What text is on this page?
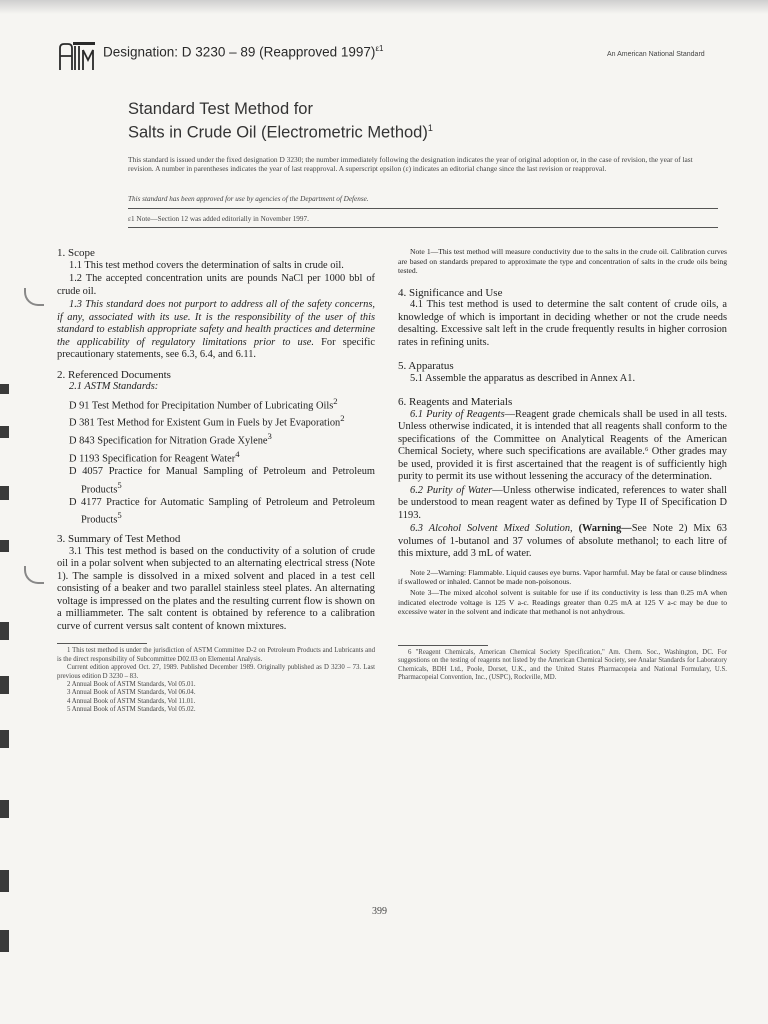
Designation: D 3230 – 89 (Reapproved 1997)$^{\varepsilon 1}$
An American National Standard
Standard Test Method for
Salts in Crude Oil (Electrometric Method)$^1$
This standard is issued under the fixed designation D 3230; the number immediately following the designation indicates the year of original adoption or, in the case of revision, the year of last revision. A number in parentheses indicates the year of last reapproval. A superscript epsilon (ε) indicates an editorial change since the last revision or reapproval.
This standard has been approved for use by agencies of the Department of Defense.
ε1 Note—Section 12 was added editorially in November 1997.

1. Scope

1.1 This test method covers the determination of salts in crude oil.

1.2 The accepted concentration units are pounds NaCl per 1000 bbl of crude oil.

1.3 This standard does not purport to address all of the safety concerns, if any, associated with its use. It is the responsibility of the user of this standard to establish appropriate safety and health practices and determine the applicability of regulatory limitations prior to use. For specific precautionary statements, see 6.3, 6.4, and 6.11.

2. Referenced Documents

2.1 ASTM Standards:

D 91 Test Method for Precipitation Number of Lubricating Oils$^2$

D 381 Test Method for Existent Gum in Fuels by Jet Evaporation$^2$

D 843 Specification for Nitration Grade Xylene$^3$

D 1193 Specification for Reagent Water$^4$

D 4057 Practice for Manual Sampling of Petroleum and Petroleum Products$^5$

D 4177 Practice for Automatic Sampling of Petroleum and Petroleum Products$^5$

3. Summary of Test Method

3.1 This test method is based on the conductivity of a solution of crude oil in a polar solvent when subjected to an alternating electrical stress (Note 1). The sample is dissolved in a mixed solvent and placed in a test cell consisting of a beaker and two parallel stainless steel plates. An alternating voltage is impressed on the plates and the resulting current flow is shown on a milliammeter. The salt content is obtained by reference to a calibration curve of current versus salt content of known mixtures.

1 This test method is under the jurisdiction of ASTM Committee D-2 on Petroleum Products and Lubricants and is the direct responsibility of Subcommittee D02.03 on Elemental Analysis.

Current edition approved Oct. 27, 1989. Published December 1989. Originally published as D 3230 – 73. Last previous edition D 3230 – 83.

2 Annual Book of ASTM Standards, Vol 05.01.

3 Annual Book of ASTM Standards, Vol 06.04.

4 Annual Book of ASTM Standards, Vol 11.01.

5 Annual Book of ASTM Standards, Vol 05.02.

Note 1—This test method will measure conductivity due to the salts in the crude oil. Calibration curves are based on standards prepared to approximate the type and concentration of salts in the crude oils being tested.

4. Significance and Use

4.1 This test method is used to determine the salt content of crude oils, a knowledge of which is important in deciding whether or not the crude needs desalting. Excessive salt left in the crude frequently results in higher corrosion rates in refining units.

5. Apparatus

5.1 Assemble the apparatus as described in Annex A1.

6. Reagents and Materials

6.1 Purity of Reagents—Reagent grade chemicals shall be used in all tests. Unless otherwise indicated, it is intended that all reagents shall conform to the specifications of the Committee on Analytical Reagents of the American Chemical Society, where such specifications are available.⁶ Other grades may be used, provided it is first ascertained that the reagent is of sufficiently high purity to permit its use without lessening the accuracy of the determination.

6.2 Purity of Water—Unless otherwise indicated, references to water shall be understood to mean reagent water as defined by Type II of Specification D 1193.

6.3 Alcohol Solvent Mixed Solution, (Warning—See Note 2) Mix 63 volumes of 1-butanol and 37 volumes of absolute methanol; to each litre of this mixture, add 3 mL of water.

Note 2—Warning: Flammable. Liquid causes eye burns. Vapor harmful. May be fatal or cause blindness if swallowed or inhaled. Cannot be made non-poisonous.

Note 3—The mixed alcohol solvent is suitable for use if its conductivity is less than 0.25 mA when indicated electrode voltage is 125 V a-c. Readings greater than 0.25 mA at 125 V a-c may be due to excessive water in the solvent and indicate that methanol is not anhydrous.

6 "Reagent Chemicals, American Chemical Society Specification," Am. Chem. Soc., Washington, DC. For suggestions on the testing of reagents not listed by the American Chemical Society, see Analar Standards for Laboratory Chemicals, BDH Ltd., Poole, Dorset, U.K., and the United States Pharmacopeia and National Formulary, U.S. Pharmacopeial Convention, Inc., (USPC), Rockville, MD.

399
